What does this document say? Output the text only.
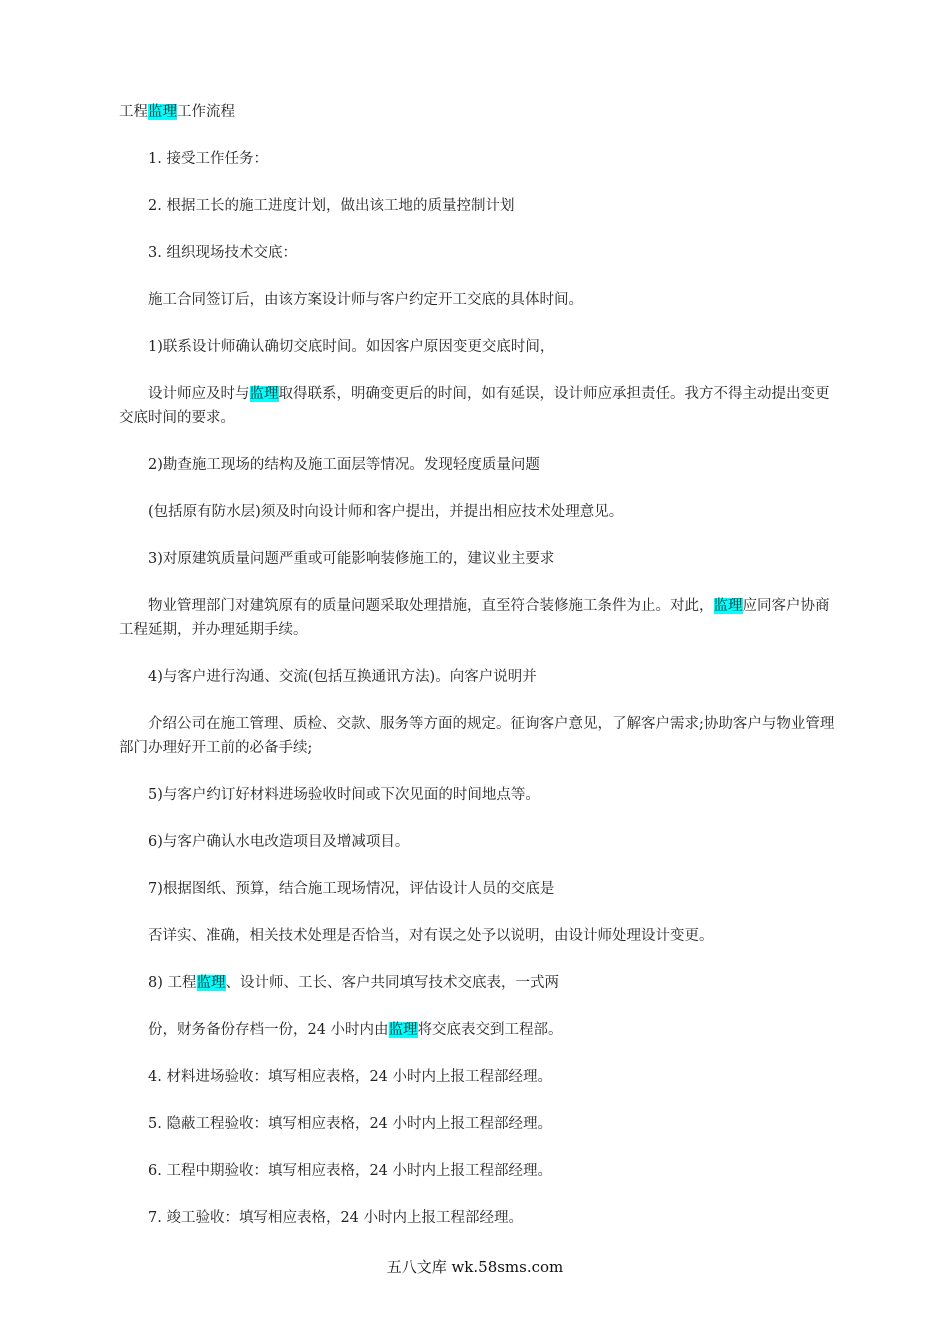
工程监理工作流程

1. 接受工作任务：

2. 根据工长的施工进度计划，做出该工地的质量控制计划

3. 组织现场技术交底：

施工合同签订后，由该方案设计师与客户约定开工交底的具体时间。

1)联系设计师确认确切交底时间。如因客户原因变更交底时间，

设计师应及时与监理取得联系，明确变更后的时间，如有延误，设计师应承担责任。我方不得主动提出变更交底时间的要求。

2)勘查施工现场的结构及施工面层等情况。发现轻度质量问题

(包括原有防水层)须及时向设计师和客户提出，并提出相应技术处理意见。

3)对原建筑质量问题严重或可能影响装修施工的，建议业主要求

物业管理部门对建筑原有的质量问题采取处理措施，直至符合装修施工条件为止。对此，监理应同客户协商工程延期，并办理延期手续。

4)与客户进行沟通、交流(包括互换通讯方法)。向客户说明并

介绍公司在施工管理、质检、交款、服务等方面的规定。征询客户意见，了解客户需求;协助客户与物业管理部门办理好开工前的必备手续;

5)与客户约订好材料进场验收时间或下次见面的时间地点等。

6)与客户确认水电改造项目及增减项目。

7)根据图纸、预算，结合施工现场情况，评估设计人员的交底是

否详实、准确，相关技术处理是否恰当，对有误之处予以说明，由设计师处理设计变更。

8) 工程监理、设计师、工长、客户共同填写技术交底表，一式两

份，财务备份存档一份，24 小时内由监理将交底表交到工程部。

4. 材料进场验收：填写相应表格，24 小时内上报工程部经理。

5. 隐蔽工程验收：填写相应表格，24 小时内上报工程部经理。

6. 工程中期验收：填写相应表格，24 小时内上报工程部经理。

7. 竣工验收：填写相应表格，24 小时内上报工程部经理。

五八文库 wk.58sms.com
